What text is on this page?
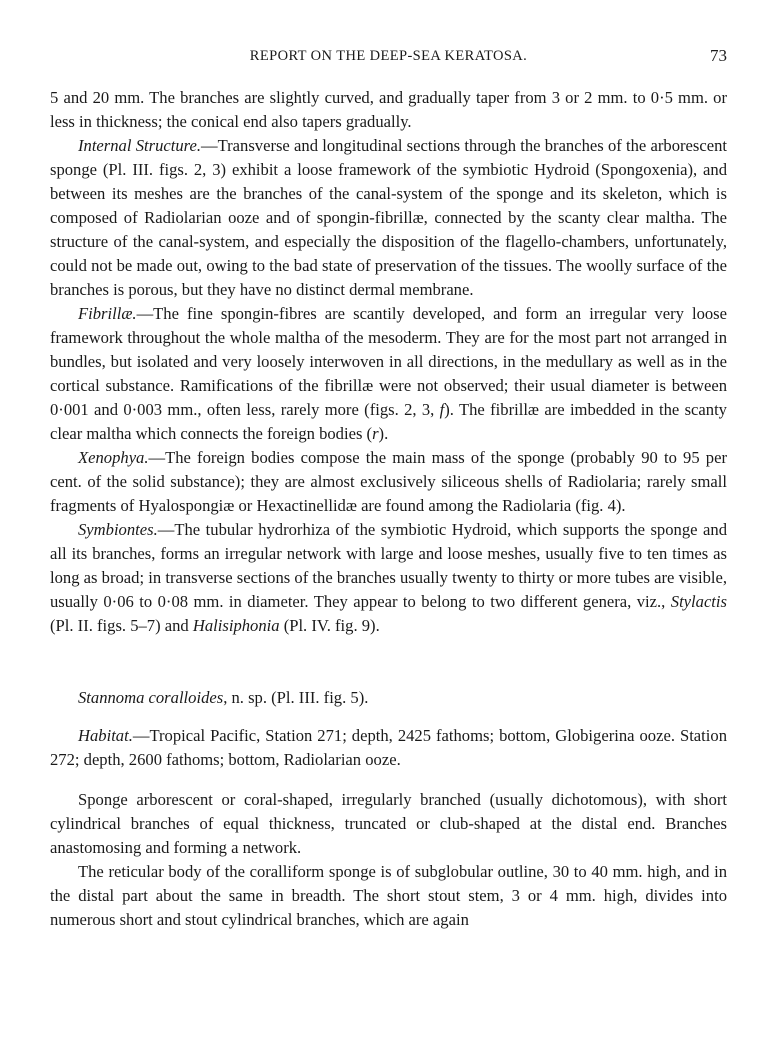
REPORT ON THE DEEP-SEA KERATOSA.	73

5 and 20 mm. The branches are slightly curved, and gradually taper from 3 or 2 mm. to 0·5 mm. or less in thickness; the conical end also tapers gradually.

Internal Structure.—Transverse and longitudinal sections through the branches of the arborescent sponge (Pl. III. figs. 2, 3) exhibit a loose framework of the symbiotic Hydroid (Spongoxenia), and between its meshes are the branches of the canal-system of the sponge and its skeleton, which is composed of Radiolarian ooze and of spongin-fibrillæ, connected by the scanty clear maltha. The structure of the canal-system, and especially the disposition of the flagello-chambers, unfortunately, could not be made out, owing to the bad state of preservation of the tissues. The woolly surface of the branches is porous, but they have no distinct dermal membrane.

Fibrillæ.—The fine spongin-fibres are scantily developed, and form an irregular very loose framework throughout the whole maltha of the mesoderm. They are for the most part not arranged in bundles, but isolated and very loosely interwoven in all directions, in the medullary as well as in the cortical substance. Ramifications of the fibrillæ were not observed; their usual diameter is between 0·001 and 0·003 mm., often less, rarely more (figs. 2, 3, f). The fibrillæ are imbedded in the scanty clear maltha which connects the foreign bodies (r).

Xenophya.—The foreign bodies compose the main mass of the sponge (probably 90 to 95 per cent. of the solid substance); they are almost exclusively siliceous shells of Radiolaria; rarely small fragments of Hyalospongiæ or Hexactinellidæ are found among the Radiolaria (fig. 4).

Symbiontes.—The tubular hydrorhiza of the symbiotic Hydroid, which supports the sponge and all its branches, forms an irregular network with large and loose meshes, usually five to ten times as long as broad; in transverse sections of the branches usually twenty to thirty or more tubes are visible, usually 0·06 to 0·08 mm. in diameter. They appear to belong to two different genera, viz., Stylactis (Pl. II. figs. 5–7) and Halisiphonia (Pl. IV. fig. 9).

Stannoma coralloides, n. sp. (Pl. III. fig. 5).

Habitat.—Tropical Pacific, Station 271; depth, 2425 fathoms; bottom, Globigerina ooze. Station 272; depth, 2600 fathoms; bottom, Radiolarian ooze.

Sponge arborescent or coral-shaped, irregularly branched (usually dichotomous), with short cylindrical branches of equal thickness, truncated or club-shaped at the distal end. Branches anastomosing and forming a network.

The reticular body of the coralliform sponge is of subglobular outline, 30 to 40 mm. high, and in the distal part about the same in breadth. The short stout stem, 3 or 4 mm. high, divides into numerous short and stout cylindrical branches, which are again
